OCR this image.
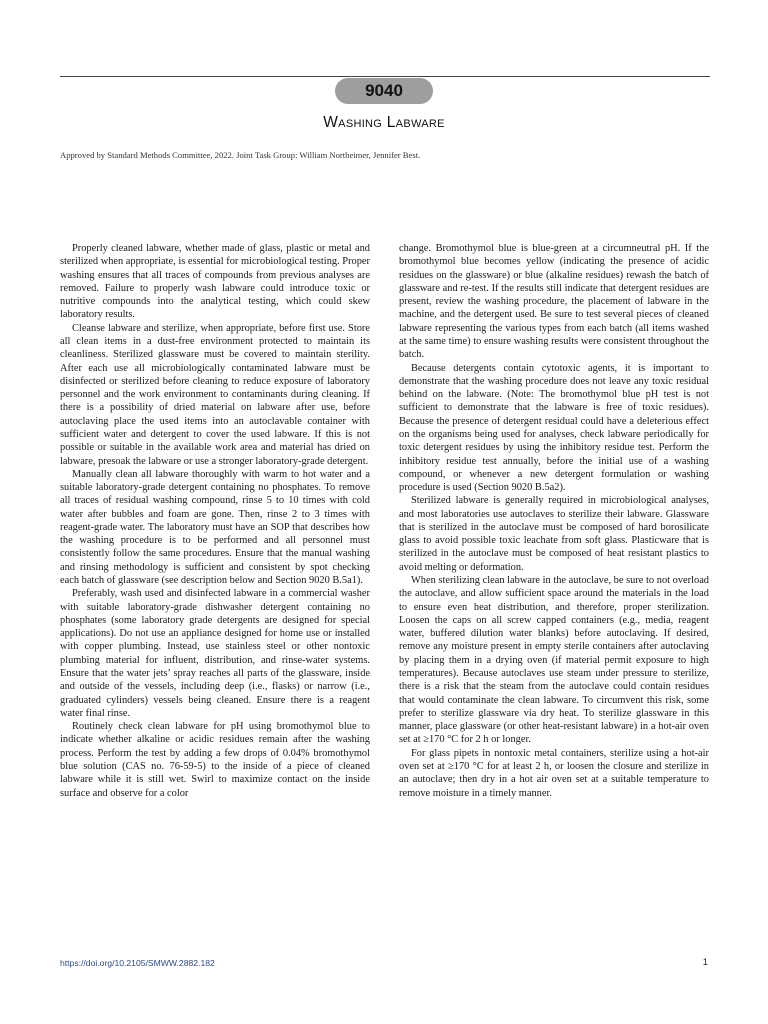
9040
Washing Labware
Approved by Standard Methods Committee, 2022. Joint Task Group: William Northeimer, Jennifer Best.

Properly cleaned labware, whether made of glass, plastic or metal and sterilized when appropriate, is essential for microbiological testing. Proper washing ensures that all traces of compounds from previous analyses are removed. Failure to properly wash labware could introduce toxic or nutritive compounds into the analytical testing, which could skew laboratory results.

Cleanse labware and sterilize, when appropriate, before first use. Store all clean items in a dust-free environment protected to maintain its cleanliness. Sterilized glassware must be covered to maintain sterility. After each use all microbiologically contaminated labware must be disinfected or sterilized before cleaning to reduce exposure of laboratory personnel and the work environment to contaminants during cleaning. If there is a possibility of dried material on labware after use, before autoclaving place the used items into an autoclavable container with sufficient water and detergent to cover the used labware. If this is not possible or suitable in the available work area and material has dried on labware, presoak the labware or use a stronger laboratory-grade detergent.

Manually clean all labware thoroughly with warm to hot water and a suitable laboratory-grade detergent containing no phosphates. To remove all traces of residual washing compound, rinse 5 to 10 times with cold water after bubbles and foam are gone. Then, rinse 2 to 3 times with reagent-grade water. The laboratory must have an SOP that describes how the washing procedure is to be performed and all personnel must consistently follow the same procedures. Ensure that the manual washing and rinsing methodology is sufficient and consistent by spot checking each batch of glassware (see description below and Section 9020 B.5a1).

Preferably, wash used and disinfected labware in a commercial washer with suitable laboratory-grade dishwasher detergent containing no phosphates (some laboratory grade detergents are designed for special applications). Do not use an appliance designed for home use or installed with copper plumbing. Instead, use stainless steel or other nontoxic plumbing material for influent, distribution, and rinse-water systems. Ensure that the water jets’ spray reaches all parts of the glassware, inside and outside of the vessels, including deep (i.e., flasks) or narrow (i.e., graduated cylinders) vessels being cleaned. Ensure there is a reagent water final rinse.

Routinely check clean labware for pH using bromothymol blue to indicate whether alkaline or acidic residues remain after the washing process. Perform the test by adding a few drops of 0.04% bromothymol blue solution (CAS no. 76-59-5) to the inside of a piece of cleaned labware while it is still wet. Swirl to maximize contact on the inside surface and observe for a color

change. Bromothymol blue is blue-green at a circumneutral pH. If the bromothymol blue becomes yellow (indicating the presence of acidic residues on the glassware) or blue (alkaline residues) rewash the batch of glassware and re-test. If the results still indicate that detergent residues are present, review the washing procedure, the placement of labware in the machine, and the detergent used. Be sure to test several pieces of cleaned labware representing the various types from each batch (all items washed at the same time) to ensure washing results were consistent throughout the batch.

Because detergents contain cytotoxic agents, it is important to demonstrate that the washing procedure does not leave any toxic residual behind on the labware. (Note: The bromothymol blue pH test is not sufficient to demonstrate that the labware is free of toxic residues). Because the presence of detergent residual could have a deleterious effect on the organisms being used for analyses, check labware periodically for toxic detergent residues by using the inhibitory residue test. Perform the inhibitory residue test annually, before the initial use of a washing compound, or whenever a new detergent formulation or washing procedure is used (Section 9020 B.5a2).

Sterilized labware is generally required in microbiological analyses, and most laboratories use autoclaves to sterilize their labware. Glassware that is sterilized in the autoclave must be composed of hard borosilicate glass to avoid possible toxic leachate from soft glass. Plasticware that is sterilized in the autoclave must be composed of heat resistant plastics to avoid melting or deformation.

When sterilizing clean labware in the autoclave, be sure to not overload the autoclave, and allow sufficient space around the materials in the load to ensure even heat distribution, and therefore, proper sterilization. Loosen the caps on all screw capped containers (e.g., media, reagent water, buffered dilution water blanks) before autoclaving. If desired, remove any moisture present in empty sterile containers after autoclaving by placing them in a drying oven (if material permit exposure to high temperatures). Because autoclaves use steam under pressure to sterilize, there is a risk that the steam from the autoclave could contain residues that would contaminate the clean labware. To circumvent this risk, some prefer to sterilize glassware via dry heat. To sterilize glassware in this manner, place glassware (or other heat-resistant labware) in a hot-air oven set at ≥170 °C for 2 h or longer.

For glass pipets in nontoxic metal containers, sterilize using a hot-air oven set at ≥170 °C for at least 2 h, or loosen the closure and sterilize in an autoclave; then dry in a hot air oven set at a suitable temperature to remove moisture in a timely manner.

https://doi.org/10.2105/SMWW.2882.182	1
